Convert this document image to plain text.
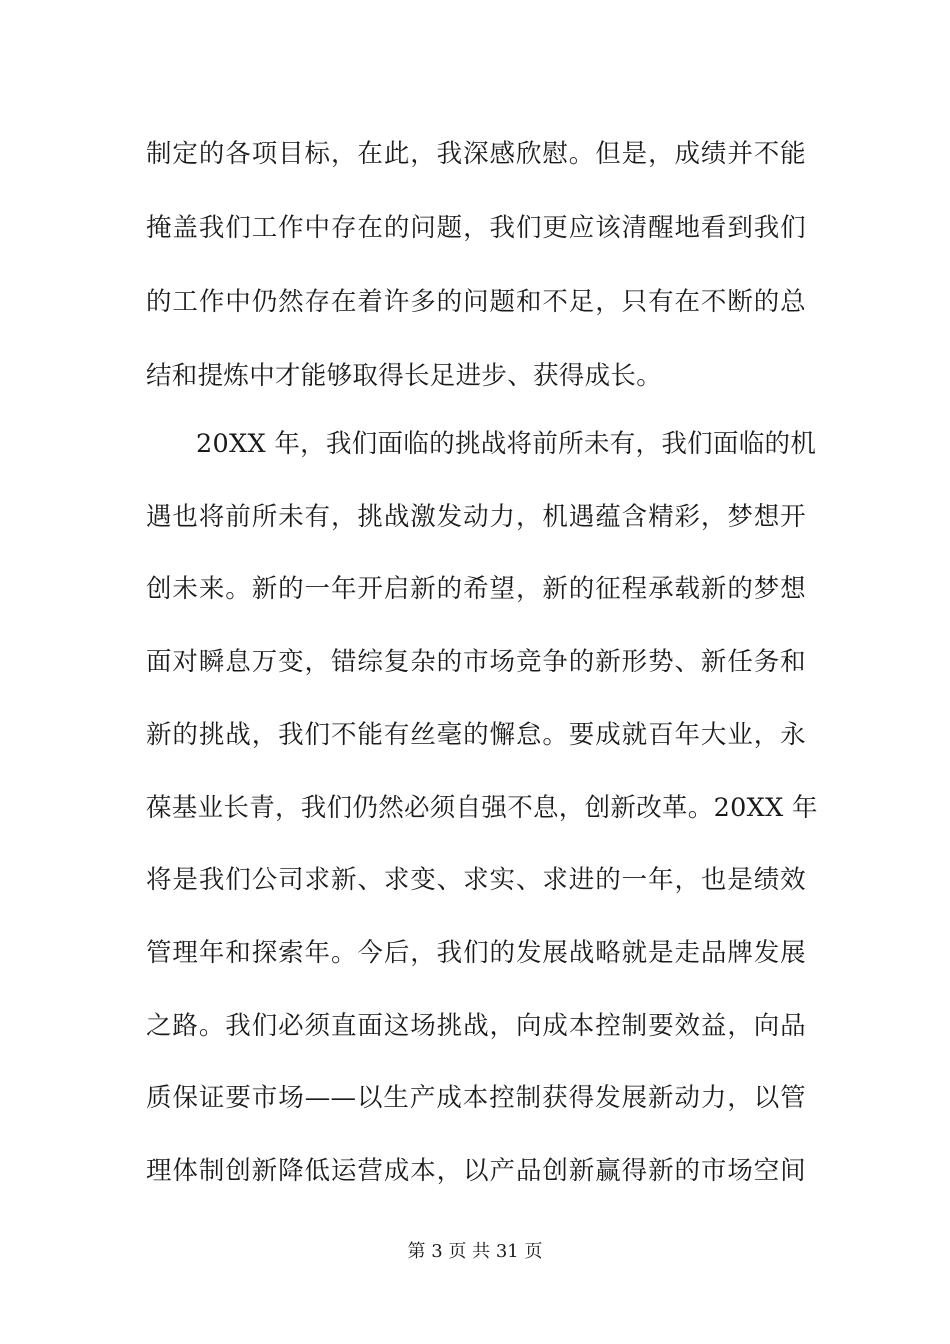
制定的各项目标，在此，我深感欣慰。但是，成绩并不能
掩盖我们工作中存在的问题，我们更应该清醒地看到我们
的工作中仍然存在着许多的问题和不足，只有在不断的总
结和提炼中才能够取得长足进步、获得成长。
20XX 年，我们面临的挑战将前所未有，我们面临的机
遇也将前所未有，挑战激发动力，机遇蕴含精彩，梦想开
创未来。新的一年开启新的希望，新的征程承载新的梦想
面对瞬息万变，错综复杂的市场竞争的新形势、新任务和
新的挑战，我们不能有丝毫的懈怠。要成就百年大业，永
葆基业长青，我们仍然必须自强不息，创新改革。20XX 年
将是我们公司求新、求变、求实、求进的一年，也是绩效
管理年和探索年。今后，我们的发展战略就是走品牌发展
之路。我们必须直面这场挑战，向成本控制要效益，向品
质保证要市场——以生产成本控制获得发展新动力，以管
理体制创新降低运营成本，以产品创新赢得新的市场空间
第 3 页 共 31 页
